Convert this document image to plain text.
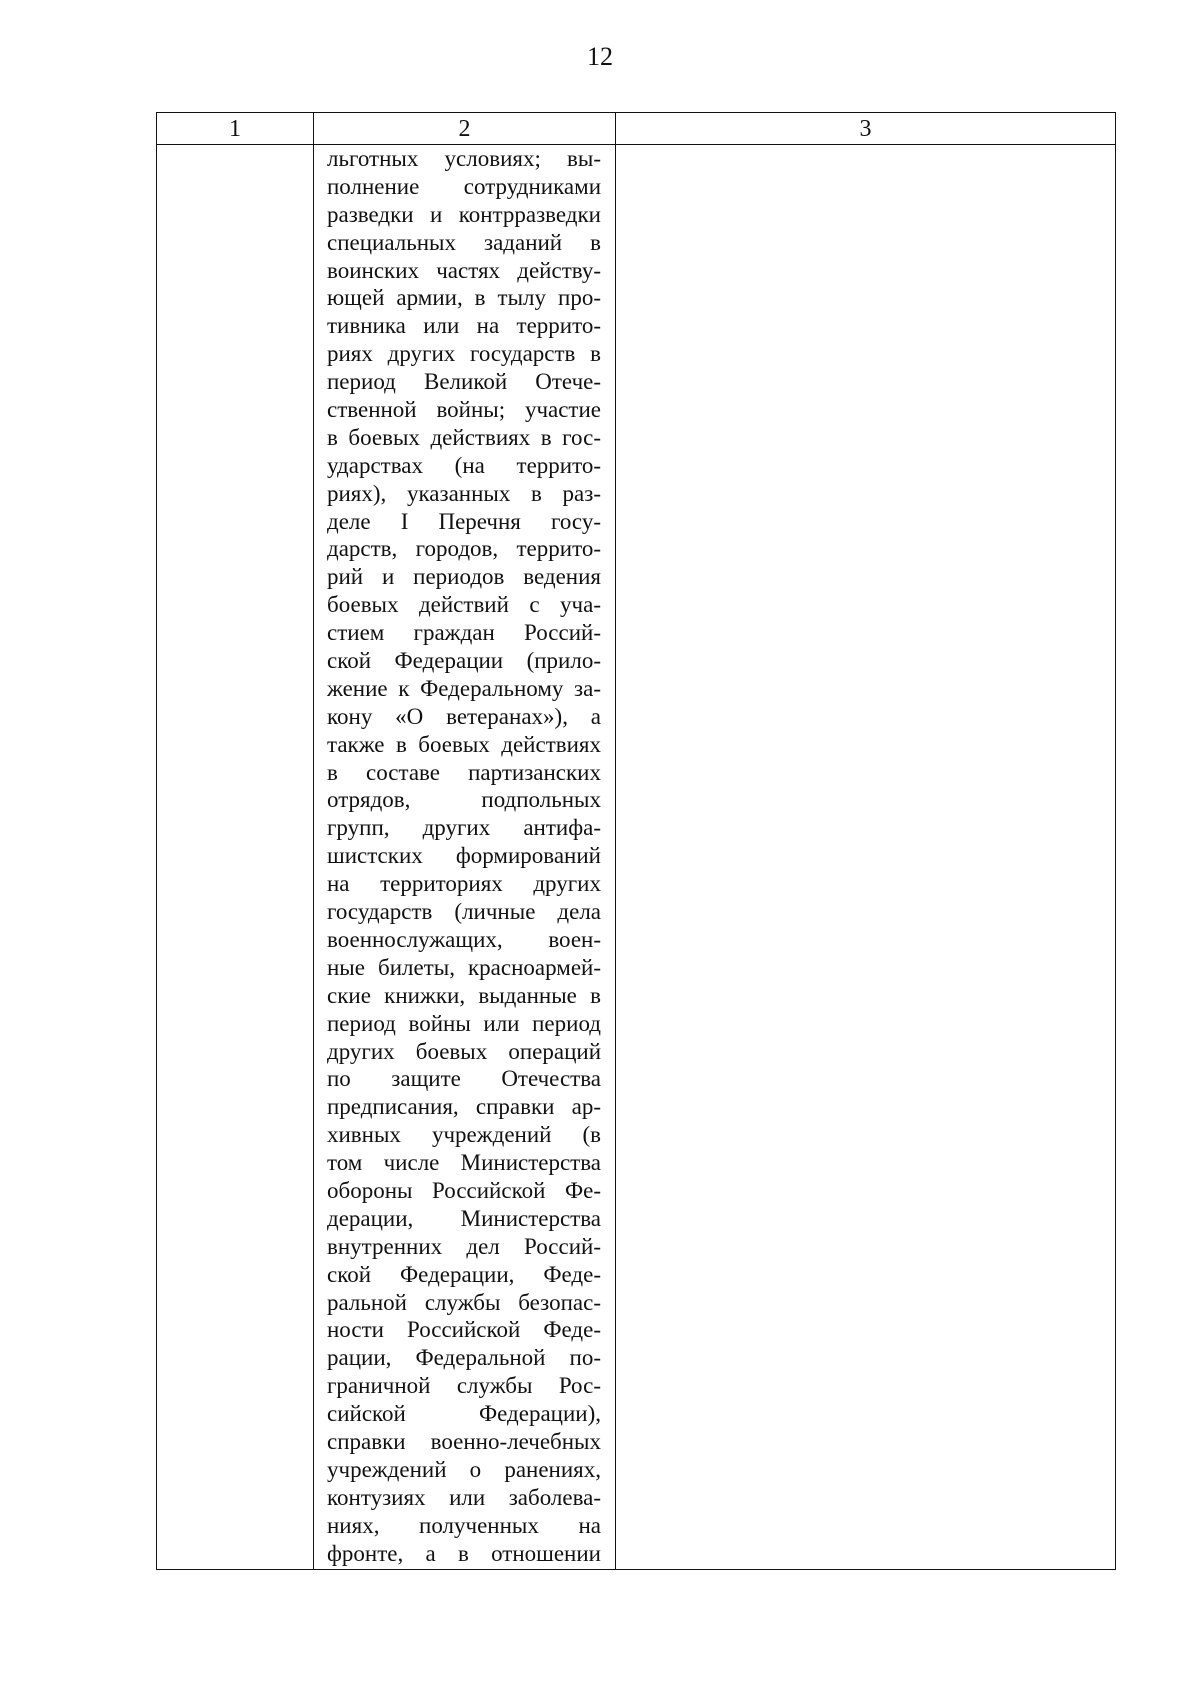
12
1	2	3
льготных условиях; вы-
полнение сотрудниками
разведки и контрразведки
специальных заданий в
воинских частях действу-
ющей армии, в тылу про-
тивника или на террито-
риях других государств в
период Великой Отече-
ственной войны; участие
в боевых действиях в гос-
ударствах (на террито-
риях), указанных в раз-
деле I Перечня госу-
дарств, городов, террито-
рий и периодов ведения
боевых действий с уча-
стием граждан Россий-
ской Федерации (прило-
жение к Федеральному за-
кону «О ветеранах»), а
также в боевых действиях
в составе партизанских
отрядов, подпольных
групп, других антифа-
шистских формирований
на территориях других
государств (личные дела
военнослужащих, воен-
ные билеты, красноармей-
ские книжки, выданные в
период войны или период
других боевых операций
по защите Отечества
предписания, справки ар-
хивных учреждений (в
том числе Министерства
обороны Российской Фе-
дерации, Министерства
внутренних дел Россий-
ской Федерации, Феде-
ральной службы безопас-
ности Российской Феде-
рации, Федеральной по-
граничной службы Рос-
сийской Федерации),
справки военно-лечебных
учреждений о ранениях,
контузиях или заболева-
ниях, полученных на
фронте, а в отношении
